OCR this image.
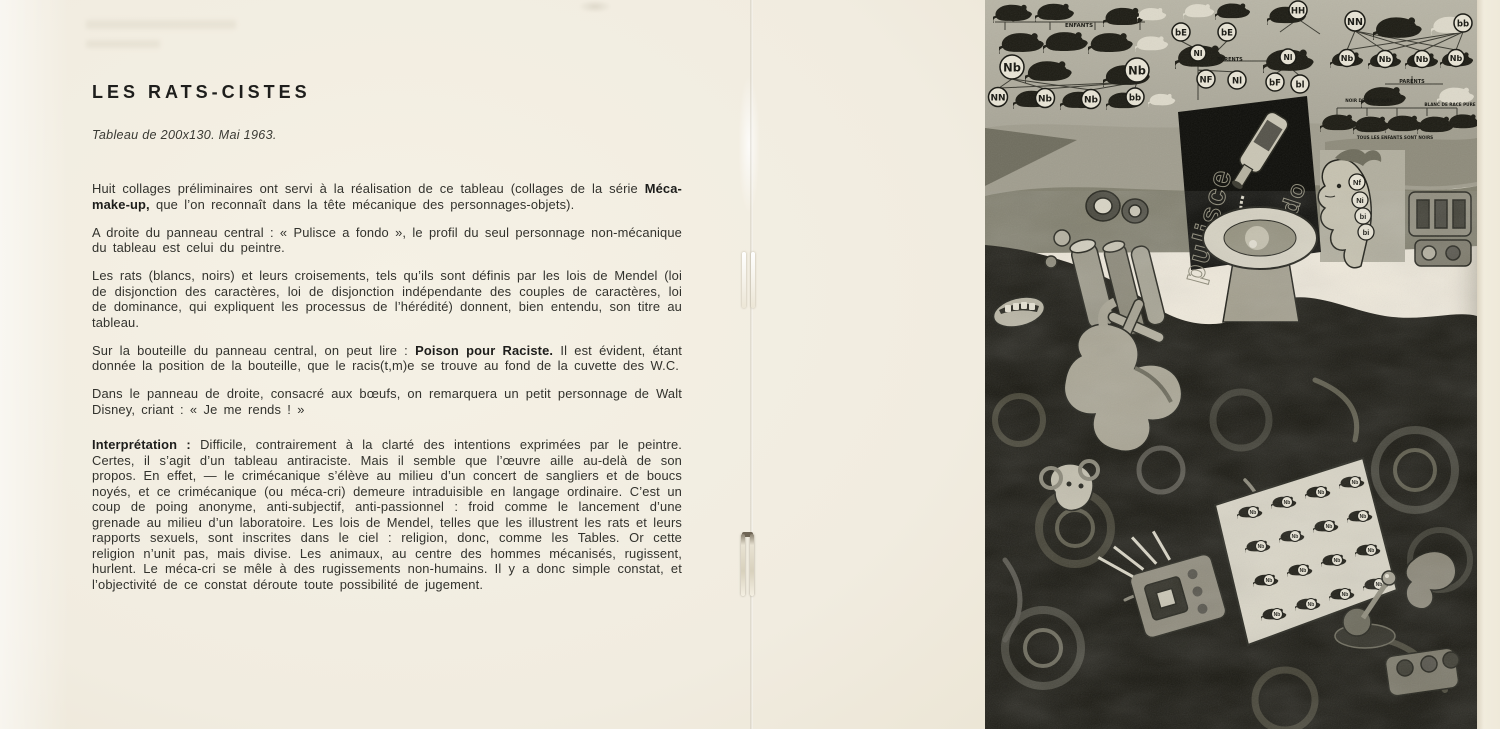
LES RATS-CISTES

Tableau de 200x130. Mai 1963.

Huit collages préliminaires ont servi à la réalisation de ce tableau (collages de la série Méca-make-up, que l’on reconnaît dans la tête mécanique des personnages-objets).

A droite du panneau central : « Pulisce a fondo », le profil du seul personnage non-mécanique du tableau est celui du peintre.

Les rats (blancs, noirs) et leurs croisements, tels qu’ils sont définis par les lois de Mendel (loi de disjonction des caractères, loi de disjonction indépendante des couples de caractères, loi de dominance, qui expliquent les processus de l’hérédité) donnent, bien entendu, son titre au tableau.

Sur la bouteille du panneau central, on peut lire : Poison pour Raciste. Il est évident, étant donnée la position de la bouteille, que le racis(t,m)e se trouve au fond de la cuvette des W.C.

Dans le panneau de droite, consacré aux bœufs, on remarquera un petit personnage de Walt Disney, criant : « Je me rends ! »

Interprétation : Difficile, contrairement à la clarté des intentions exprimées par le peintre. Certes, il s’agit d’un tableau antiraciste. Mais il semble que l’œuvre aille au-delà de son propos. En effet, — le crimécanique s’élève au milieu d’un concert de sangliers et de boucs noyés, et ce crimécanique (ou méca-cri) demeure intraduisible en langage ordinaire. C’est un coup de poing anonyme, anti-subjectif, anti-passionnel : froid comme le lancement d’une grenade au milieu d’un laboratoire. Les lois de Mendel, telles que les illustrent les rats et leurs rapports sexuels, sont inscrites dans le ciel : religion, donc, comme les Tables. Or cette religion n’unit pas, mais divise. Les animaux, au centre des hommes mécanisés, rugissent, hurlent. Le méca-cri se mêle à des rugissements non-humains. Il y a donc simple constat, et l’objectivité de ce constat déroute toute possibilité de jugement.

Nb	Nb
NN	Nb	Nb	bb
bE	bE
Nl	Nl
NF Nl	bF bl
HH
NN	bb
Nb	Nb	Nb	Nb
ENFANTS
PARENTS
PARENTS
NOIR DE RACE PURE
BLANC DE RACE PURE
TOUS LES ENFANTS SONT NOIRS
Nf
Ni
bi
bi
Nb
Nb
Nb
Nb
Nb
Nb
Nb
Nb
Nb
Nb
Nb
Nb
Nb
Nb
Nb
Nb
